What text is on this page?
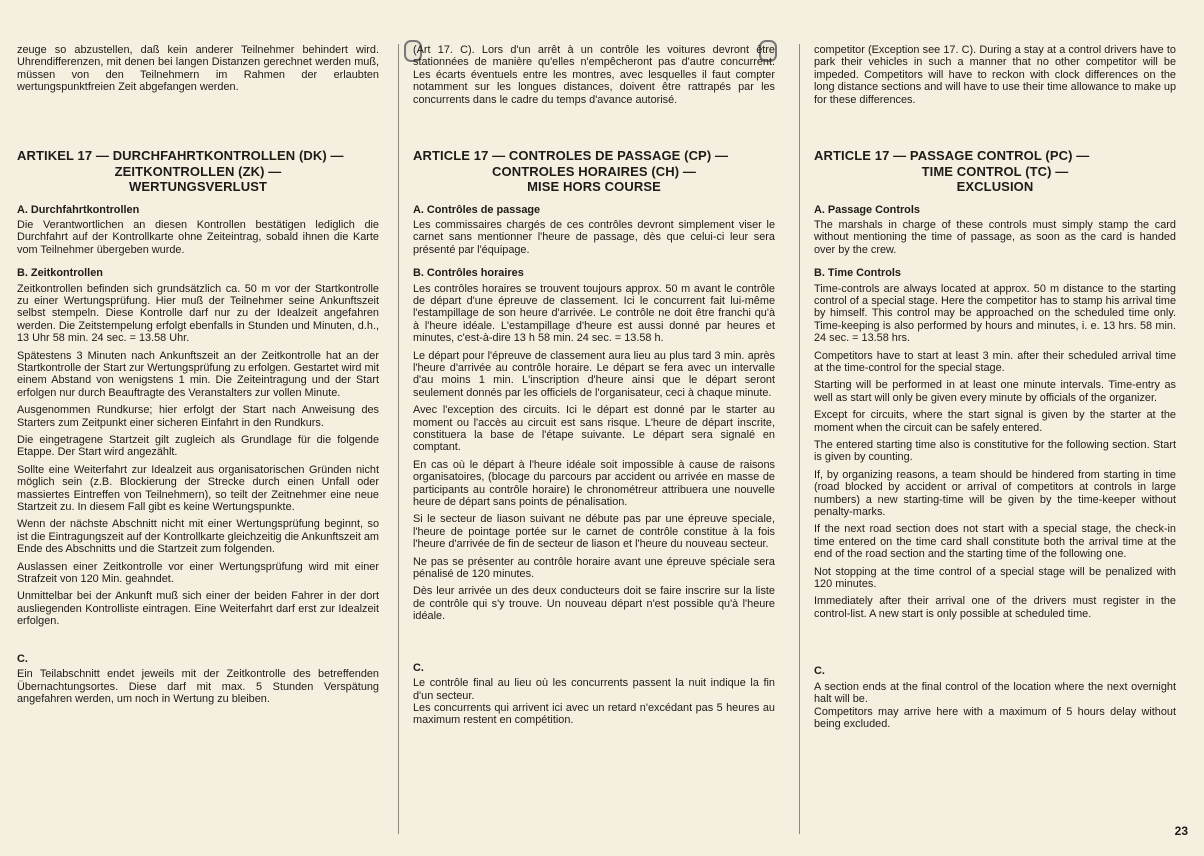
zeuge so abzustellen, daß kein anderer Teilnehmer behindert wird. Uhrendifferenzen, mit denen bei langen Distanzen gerechnet werden muß, müssen von den Teilnehmern im Rahmen der erlaubten wertungspunktfreien Zeit abgefangen werden.

ARTIKEL 17 — DURCHFAHRTKONTROLLEN (DK) —
ZEITKONTROLLEN (ZK) —
WERTUNGSVERLUST
A. Durchfahrtkontrollen

Die Verantwortlichen an diesen Kontrollen bestätigen lediglich die Durchfahrt auf der Kontrollkarte ohne Zeiteintrag, sobald ihnen die Karte vom Teilnehmer übergeben wurde.

B. Zeitkontrollen

Zeitkontrollen befinden sich grundsätzlich ca. 50 m vor der Startkontrolle zu einer Wertungsprüfung. Hier muß der Teilnehmer seine Ankunftszeit selbst stempeln. Diese Kontrolle darf nur zu der Idealzeit angefahren werden. Die Zeitstempelung erfolgt ebenfalls in Stunden und Minuten, d.h., 13 Uhr 58 min. 24 sec. = 13.58 Uhr.

Spätestens 3 Minuten nach Ankunftszeit an der Zeitkontrolle hat an der Startkontrolle der Start zur Wertungsprüfung zu erfolgen. Gestartet wird mit einem Abstand von wenigstens 1 min. Die Zeiteintragung und der Start erfolgen nur durch Beauftragte des Veranstalters zur vollen Minute.

Ausgenommen Rundkurse; hier erfolgt der Start nach Anweisung des Starters zum Zeitpunkt einer sicheren Einfahrt in den Rundkurs.

Die eingetragene Startzeit gilt zugleich als Grundlage für die folgende Etappe. Der Start wird angezählt.

Sollte eine Weiterfahrt zur Idealzeit aus organisatorischen Gründen nicht möglich sein (z.B. Blockierung der Strecke durch einen Unfall oder massiertes Eintreffen von Teilnehmern), so teilt der Zeitnehmer eine neue Startzeit zu. In diesem Fall gibt es keine Wertungspunkte.

Wenn der nächste Abschnitt nicht mit einer Wertungsprüfung beginnt, so ist die Eintragungszeit auf der Kontrollkarte gleichzeitig die Ankunftszeit am Ende des Abschnitts und die Startzeit zum folgenden.

Auslassen einer Zeitkontrolle vor einer Wertungsprüfung wird mit einer Strafzeit von 120 Min. geahndet.

Unmittelbar bei der Ankunft muß sich einer der beiden Fahrer in der dort ausliegenden Kontrolliste eintragen. Eine Weiterfahrt darf erst zur Idealzeit erfolgen.

C.

Ein Teilabschnitt endet jeweils mit der Zeitkontrolle des betreffenden Übernachtungsortes. Diese darf mit max. 5 Stunden Verspätung angefahren werden, um noch in Wertung zu bleiben.

(Art 17. C). Lors d'un arrêt à un contrôle les voitures devront être stationnées de manière qu'elles n'empêcheront pas d'autre concurrent. Les écarts éventuels entre les montres, avec lesquelles il faut compter notamment sur les longues distances, doivent être rattrapés par les concurrents dans le cadre du temps d'avance autorisé.

ARTICLE 17 — CONTROLES DE PASSAGE (CP) —
CONTROLES HORAIRES (CH) —
MISE HORS COURSE
A. Contrôles de passage

Les commissaires chargés de ces contrôles devront simplement viser le carnet sans mentionner l'heure de passage, dès que celui-ci leur sera présenté par l'équipage.

B. Contrôles horaires

Les contrôles horaires se trouvent toujours approx. 50 m avant le contrôle de départ d'une épreuve de classement. Ici le concurrent fait lui-même l'estampillage de son heure d'arrivée. Le contrôle ne doit être franchi qu'à à l'heure idéale. L'estampillage d'heure est aussi donné par heures et minutes, c'est-à-dire 13 h 58 min. 24 sec. = 13.58 h.

Le départ pour l'épreuve de classement aura lieu au plus tard 3 min. après l'heure d'arrivée au contrôle horaire. Le départ se fera avec un intervalle d'au moins 1 min. L'inscription d'heure ainsi que le départ seront seulement donnés par les officiels de l'organisateur, ceci à chaque minute.

Avec l'exception des circuits. Ici le départ est donné par le starter au moment ou l'accès au circuit est sans risque. L'heure de départ inscrite, constituera la base de l'étape suivante. Le départ sera signalé en comptant.

En cas où le départ à l'heure idéale soit impossible à cause de raisons organisatoires, (blocage du parcours par accident ou arrivée en masse de participants au contrôle horaire) le chronométreur attribuera une nouvelle heure de départ sans points de pénalisation.

Si le secteur de liason suivant ne débute pas par une épreuve speciale, l'heure de pointage portée sur le carnet de contrôle constitue à la fois l'heure d'arrivée de fin de secteur de liason et l'heure du nouveau secteur.

Ne pas se présenter au contrôle horaire avant une épreuve spéciale sera pénalisé de 120 minutes.

Dès leur arrivée un des deux conducteurs doit se faire inscrire sur la liste de contrôle qui s'y trouve. Un nouveau départ n'est possible qu'à l'heure idéale.

C.

Le contrôle final au lieu où les concurrents passent la nuit indique la fin d'un secteur.

Les concurrents qui arrivent ici avec un retard n'excédant pas 5 heures au maximum restent en compétition.

competitor (Exception see 17. C). During a stay at a control drivers have to park their vehicles in such a manner that no other competitor will be impeded. Competitors will have to reckon with clock differences on the long distance sections and will have to use their time allowance to make up for these differences.

ARTICLE 17 — PASSAGE CONTROL (PC) —
TIME CONTROL (TC) —
EXCLUSION
A. Passage Controls

The marshals in charge of these controls must simply stamp the card without mentioning the time of passage, as soon as the card is handed over by the crew.

B. Time Controls

Time-controls are always located at approx. 50 m distance to the starting control of a special stage. Here the competitor has to stamp his arrival time by himself. This control may be approached on the scheduled time only. Time-keeping is also performed by hours and minutes, i. e. 13 hrs. 58 min. 24 sec. = 13.58 hrs.

Competitors have to start at least 3 min. after their scheduled arrival time at the time-control for the special stage.

Starting will be performed in at least one minute intervals. Time-entry as well as start will only be given every minute by officials of the organizer.

Except for circuits, where the start signal is given by the starter at the moment when the circuit can be safely entered.

The entered starting time also is constitutive for the following section. Start is given by counting.

If, by organizing reasons, a team should be hindered from starting in time (road blocked by accident or arrival of competitors at controls in large numbers) a new starting-time will be given by the time-keeper without penalty-marks.

If the next road section does not start with a special stage, the check-in time entered on the time card shall constitute both the arrival time at the end of the road section and the starting time of the following one.

Not stopping at the time control of a special stage will be penalized with 120 minutes.

Immediately after their arrival one of the drivers must register in the control-list. A new start is only possible at scheduled time.

C.

A section ends at the final control of the location where the next overnight halt will be.

Competitors may arrive here with a maximum of 5 hours delay without being excluded.

23
